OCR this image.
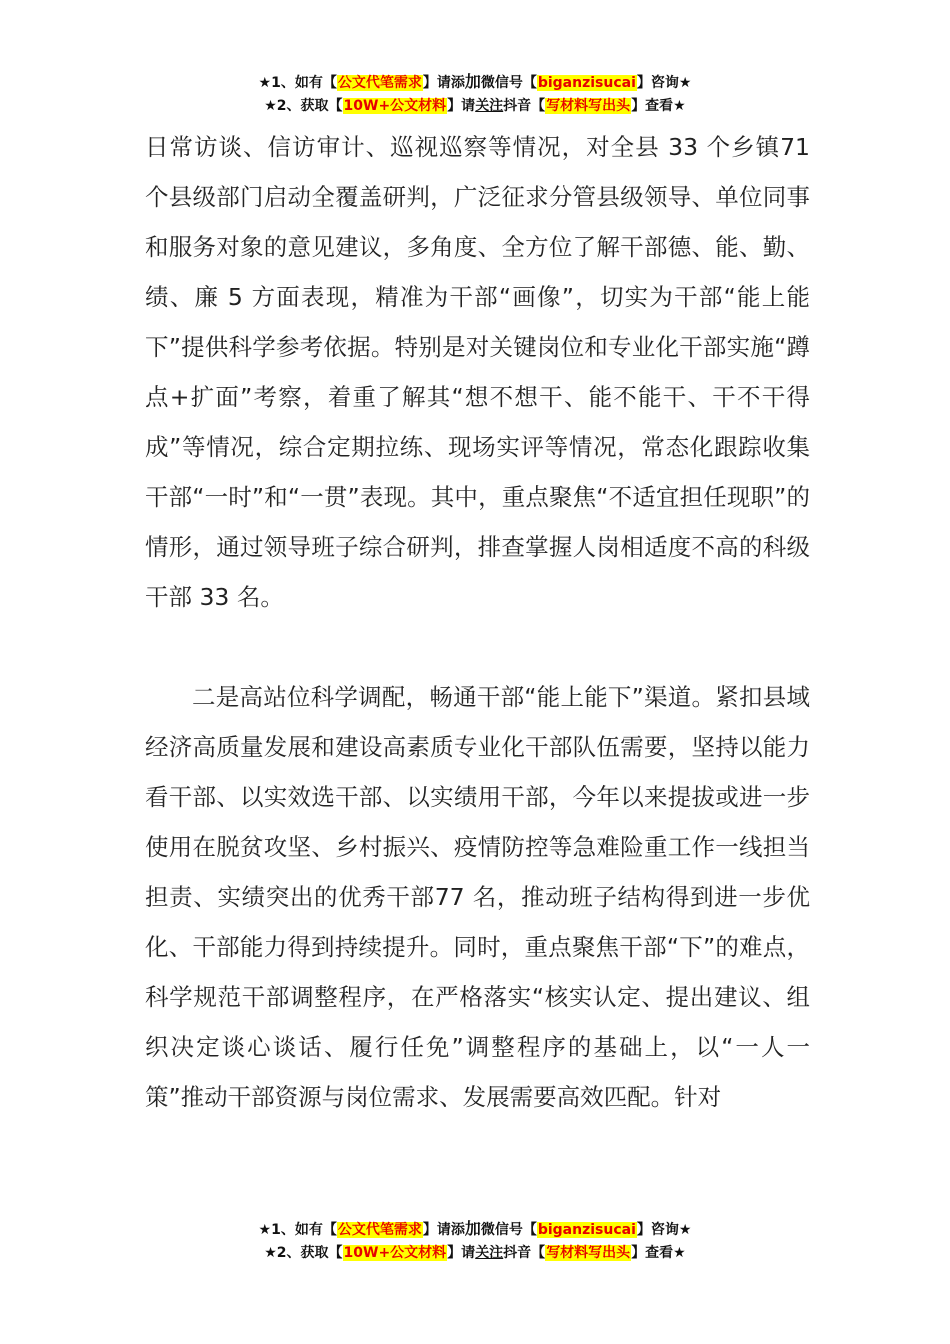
★1、如有【公文代笔需求】请添加微信号【biganzisucai】咨询★
★2、获取【10W+公文材料】请关注抖音【写材料写出头】查看★

日常访谈、信访审计、巡视巡察等情况，对全县 33 个乡镇71 个县级部门启动全覆盖研判，广泛征求分管县级领导、单位同事和服务对象的意见建议，多角度、全方位了解干部德、能、勤、绩、廉 5 方面表现，精准为干部“画像”，切实为干部“能上能下”提供科学参考依据。特别是对关键岗位和专业化干部实施“蹲点+扩面”考察，着重了解其“想不想干、能不能干、干不干得成”等情况，综合定期拉练、现场实评等情况，常态化跟踪收集干部“一时”和“一贯”表现。其中，重点聚焦“不适宜担任现职”的情形，通过领导班子综合研判，排查掌握人岗相适度不高的科级干部 33 名。

二是高站位科学调配，畅通干部“能上能下”渠道。紧扣县域经济高质量发展和建设高素质专业化干部队伍需要，坚持以能力看干部、以实效选干部、以实绩用干部，今年以来提拔或进一步使用在脱贫攻坚、乡村振兴、疫情防控等急难险重工作一线担当担责、实绩突出的优秀干部77 名，推动班子结构得到进一步优化、干部能力得到持续提升。同时，重点聚焦干部“下”的难点，科学规范干部调整程序，在严格落实“核实认定、提出建议、组织决定谈心谈话、履行任免”调整程序的基础上，以“一人一策”推动干部资源与岗位需求、发展需要高效匹配。针对

★1、如有【公文代笔需求】请添加微信号【biganzisucai】咨询★
★2、获取【10W+公文材料】请关注抖音【写材料写出头】查看★
